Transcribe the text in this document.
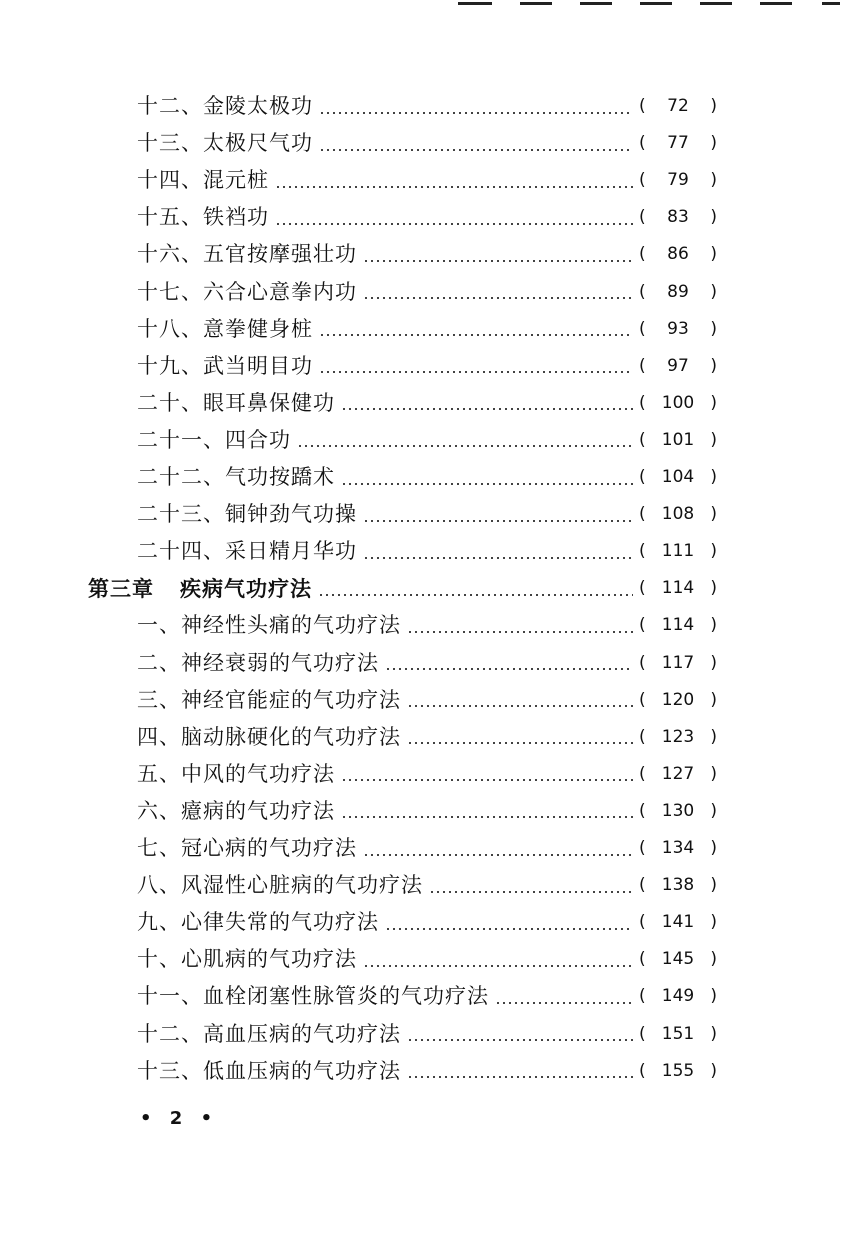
十二、金陵太极功	(	72	)
十三、太极尺气功	(	77	)
十四、混元桩	(	79	)
十五、铁裆功	(	83	)
十六、五官按摩强壮功	(	86	)
十七、六合心意拳内功	(	89	)
十八、意拳健身桩	(	93	)
十九、武当明目功	(	97	)
二十、眼耳鼻保健功	( 100 )
二十一、四合功	( 101 )
二十二、气功按蹻术	( 104 )
二十三、铜钟劲气功操	( 108 )
二十四、采日精月华功	( 111 )
第三章 疾病气功疗法	( 114 )
一、神经性头痛的气功疗法	( 114 )
二、神经衰弱的气功疗法	( 117 )
三、神经官能症的气功疗法	( 120 )
四、脑动脉硬化的气功疗法	( 123 )
五、中风的气功疗法	( 127 )
六、癔病的气功疗法	( 130 )
七、冠心病的气功疗法	( 134 )
八、风湿性心脏病的气功疗法	( 138 )
九、心律失常的气功疗法	( 141 )
十、心肌病的气功疗法	( 145 )
十一、血栓闭塞性脉管炎的气功疗法	( 149 )
十二、高血压病的气功疗法	( 151 )
十三、低血压病的气功疗法	( 155 )
• 2 •
